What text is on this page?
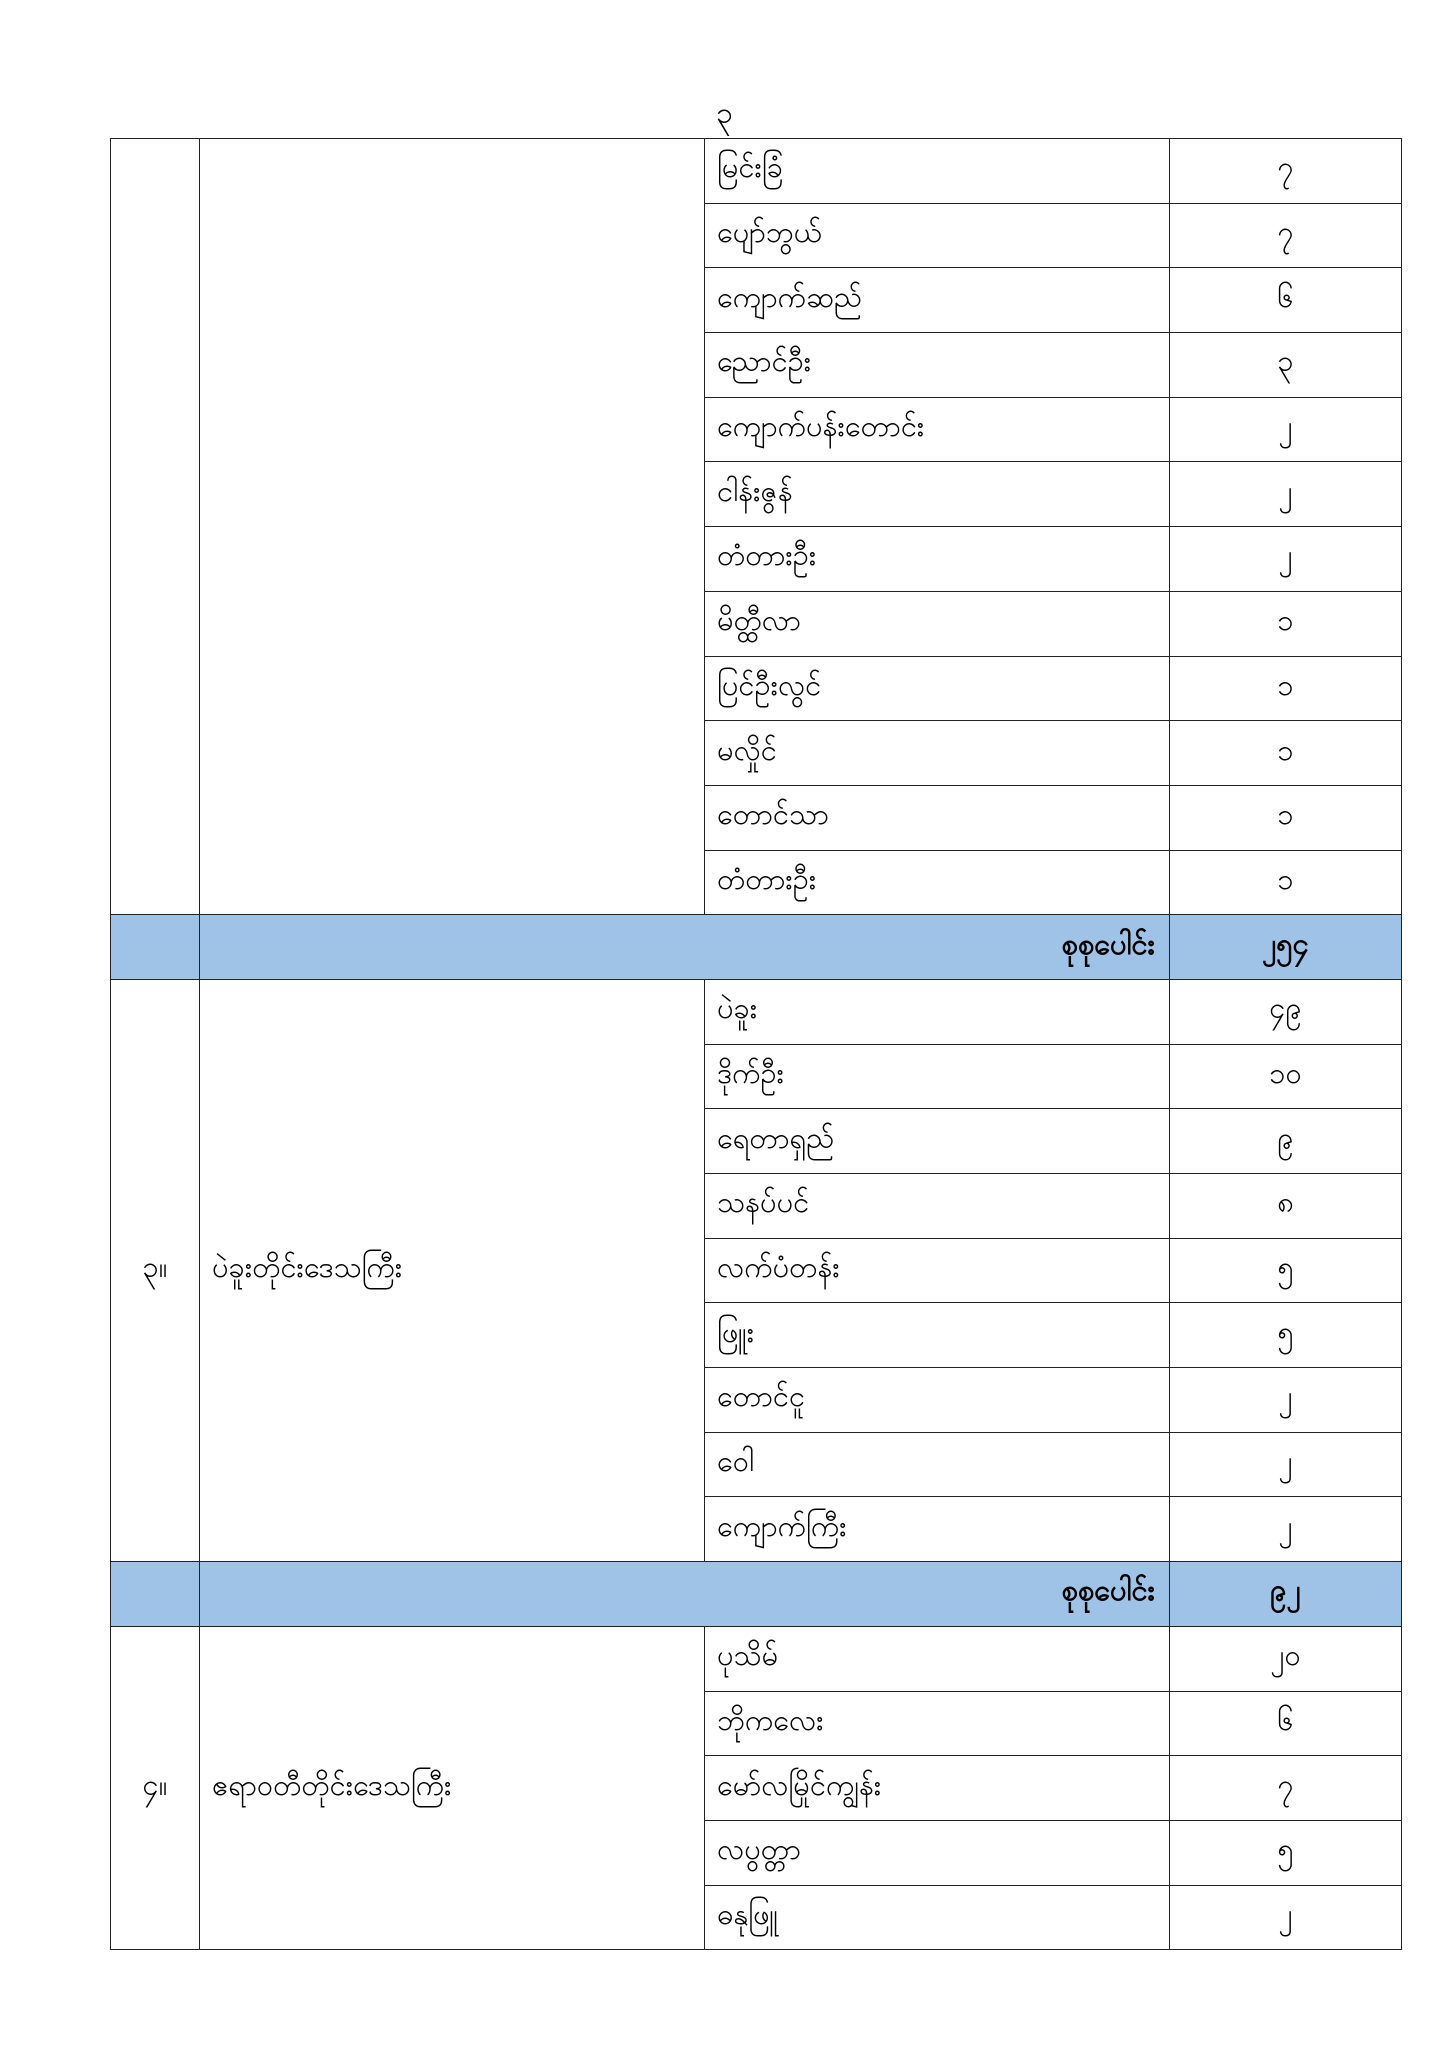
၃
		မြင်းခြံ	၇
		ပျော်ဘွယ်	၇
		ကျောက်ဆည်	၆
		ညောင်ဦး	၃
		ကျောက်ပန်းတောင်း	၂
		ငါန်းဇွန်	၂
		တံတားဦး	၂
		မိတ္ထီလာ	၁
		ပြင်ဦးလွင်	၁
		မလှိုင်	၁
		တောင်သာ	၁
		တံတားဦး	၁
	စုစုပေါင်း		၂၅၄
၃။	ပဲခူးတိုင်းဒေသကြီး	ပဲခူး	၄၉
		ဒိုက်ဦး	၁၀
		ရေတာရှည်	၉
		သနပ်ပင်	၈
		လက်ပံတန်း	၅
		ဖြူး	၅
		တောင်ငူ	၂
		ဝေါ	၂
		ကျောက်ကြီး	၂
	စုစုပေါင်း		၉၂
၄။	ဧရာဝတီတိုင်းဒေသကြီး	ပုသိမ်	၂၀
		ဘိုကလေး	၆
		မော်လမြိုင်ကျွန်း	၇
		လပွတ္တာ	၅
		ဓနုဖြူ	၂
